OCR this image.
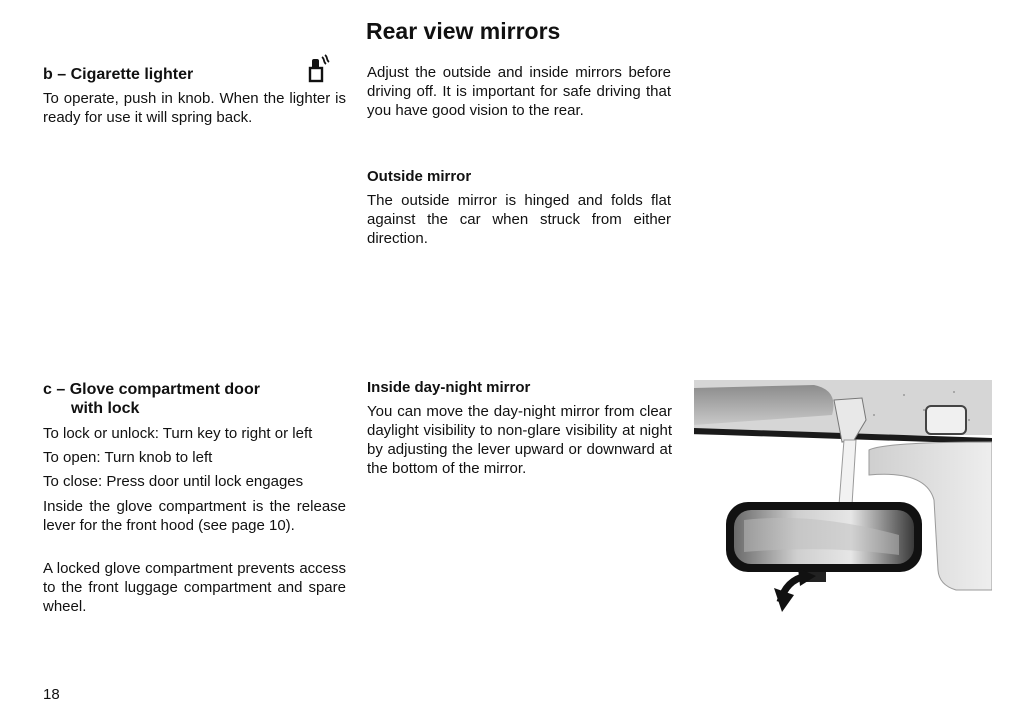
Rear view mirrors
b – Cigarette lighter

To operate, push in knob. When the lighter is ready for use it will spring back.

c – Glove compartment door
with lock
To lock or unlock: Turn key to right or left
To open: Turn knob to left
To close: Press door until lock engages

Inside the glove compartment is the release lever for the front hood (see page 10).

A locked glove compartment prevents access to the front luggage compartment and spare wheel.

Adjust the outside and inside mirrors before driving off. It is important for safe driving that you have good vision to the rear.

Outside mirror

The outside mirror is hinged and folds flat against the car when struck from either direction.

Inside day-night mirror

You can move the day-night mirror from clear daylight visibility to non-glare visibility at night by adjusting the lever upward or downward at the bottom of the mirror.

18
